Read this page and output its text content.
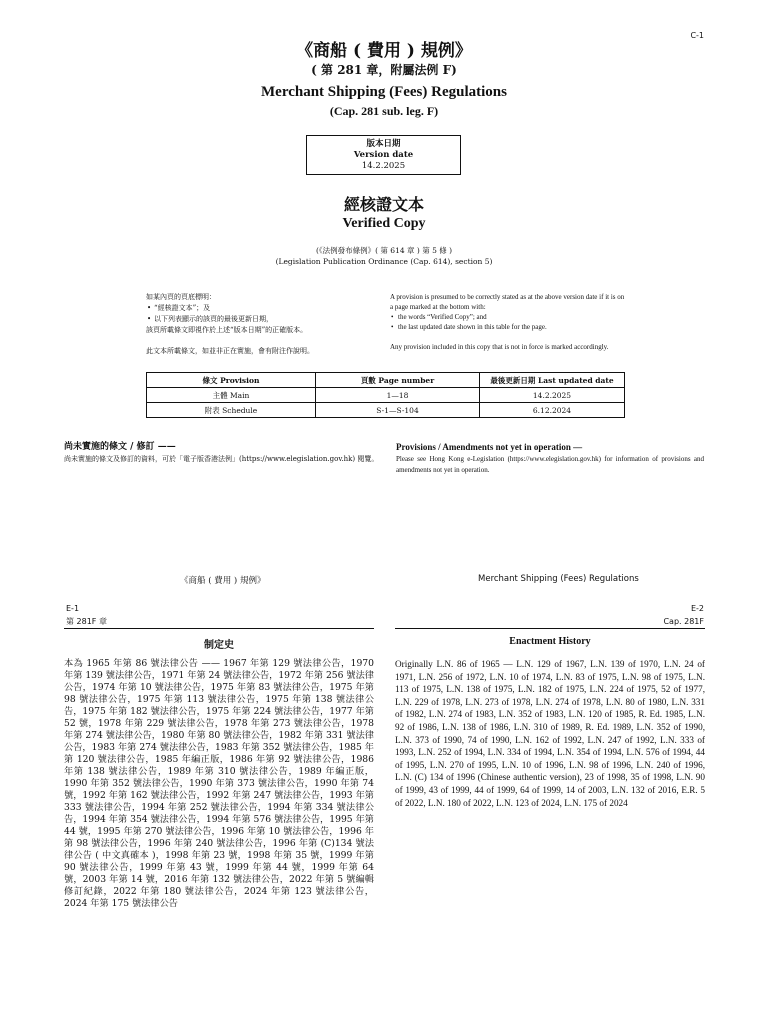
C-1
《商船 ( 費用 ) 規例》
( 第 281 章，附屬法例 F)
Merchant Shipping (Fees) Regulations
(Cap. 281 sub. leg. F)
版本日期
Version date
14.2.2025
經核證文本
Verified Copy
(《法例發布條例》( 第 614 章 ) 第 5 條 )
(Legislation Publication Ordinance (Cap. 614), section 5)
如某內頁的頁底標明：
• “經核證文本”；及
• 以下列表顯示的該頁的最後更新日期，
該頁所載條文即視作於上述“版本日期”的正確版本。
此文本所載條文，如並非正在實施，會有附注作說明。
A provision is presumed to be correctly stated as at the above version date if it is on a page marked at the bottom with:
• the words “Verified Copy”; and
• the last updated date shown in this table for the page.
Any provision included in this copy that is not in force is marked accordingly.
條文 Provision	頁數 Page number	最後更新日期 Last updated date
主體 Main	1—18	14.2.2025
附表 Schedule	S-1—S-104	6.12.2024
尚未實施的條文 / 修訂 ——
尚未實施的條文及修訂的資料，可於「電子版香港法例」(https://www.elegislation.gov.hk) 閱覽。
Provisions / Amendments not yet in operation —
Please see Hong Kong e-Legislation (https://www.elegislation.gov.hk) for information of provisions and amendments not yet in operation.
《商船 ( 費用 ) 規例》	Merchant Shipping (Fees) Regulations
E-1
第 281F 章
E-2
Cap. 281F
制定史	Enactment History
本為 1965 年第 86 號法律公告 —— 1967 年第 129 號法律公告，1970 年第 139 號法律公告，1971 年第 24 號法律公告，1972 年第 256 號法律公告，1974 年第 10 號法律公告，1975 年第 83 號法律公告，1975 年第 98 號法律公告，1975 年第 113 號法律公告，1975 年第 138 號法律公告，1975 年第 182 號法律公告，1975 年第 224 號法律公告，1977 年第 52 號，1978 年第 229 號法律公告，1978 年第 273 號法律公告，1978 年第 274 號法律公告，1980 年第 80 號法律公告，1982 年第 331 號法律公告，1983 年第 274 號法律公告，1983 年第 352 號法律公告，1985 年第 120 號法律公告，1985 年編正版，1986 年第 92 號法律公告，1986 年第 138 號法律公告，1989 年第 310 號法律公告，1989 年編正版，1990 年第 352 號法律公告，1990 年第 373 號法律公告，1990 年第 74 號，1992 年第 162 號法律公告，1992 年第 247 號法律公告，1993 年第 333 號法律公告，1994 年第 252 號法律公告，1994 年第 334 號法律公告，1994 年第 354 號法律公告，1994 年第 576 號法律公告，1995 年第 44 號，1995 年第 270 號法律公告，1996 年第 10 號法律公告，1996 年第 98 號法律公告，1996 年第 240 號法律公告，1996 年第 (C)134 號法律公告 ( 中文真確本 )，1998 年第 23 號，1998 年第 35 號，1999 年第 90 號法律公告，1999 年第 43 號，1999 年第 44 號，1999 年第 64 號，2003 年第 14 號，2016 年第 132 號法律公告，2022 年第 5 號編輯修訂紀錄，2022 年第 180 號法律公告，2024 年第 123 號法律公告，2024 年第 175 號法律公告
Originally L.N. 86 of 1965 — L.N. 129 of 1967, L.N. 139 of 1970, L.N. 24 of 1971, L.N. 256 of 1972, L.N. 10 of 1974, L.N. 83 of 1975, L.N. 98 of 1975, L.N. 113 of 1975, L.N. 138 of 1975, L.N. 182 of 1975, L.N. 224 of 1975, 52 of 1977, L.N. 229 of 1978, L.N. 273 of 1978, L.N. 274 of 1978, L.N. 80 of 1980, L.N. 331 of 1982, L.N. 274 of 1983, L.N. 352 of 1983, L.N. 120 of 1985, R. Ed. 1985, L.N. 92 of 1986, L.N. 138 of 1986, L.N. 310 of 1989, R. Ed. 1989, L.N. 352 of 1990, L.N. 373 of 1990, 74 of 1990, L.N. 162 of 1992, L.N. 247 of 1992, L.N. 333 of 1993, L.N. 252 of 1994, L.N. 334 of 1994, L.N. 354 of 1994, L.N. 576 of 1994, 44 of 1995, L.N. 270 of 1995, L.N. 10 of 1996, L.N. 98 of 1996, L.N. 240 of 1996, L.N. (C) 134 of 1996 (Chinese authentic version), 23 of 1998, 35 of 1998, L.N. 90 of 1999, 43 of 1999, 44 of 1999, 64 of 1999, 14 of 2003, L.N. 132 of 2016, E.R. 5 of 2022, L.N. 180 of 2022, L.N. 123 of 2024, L.N. 175 of 2024
